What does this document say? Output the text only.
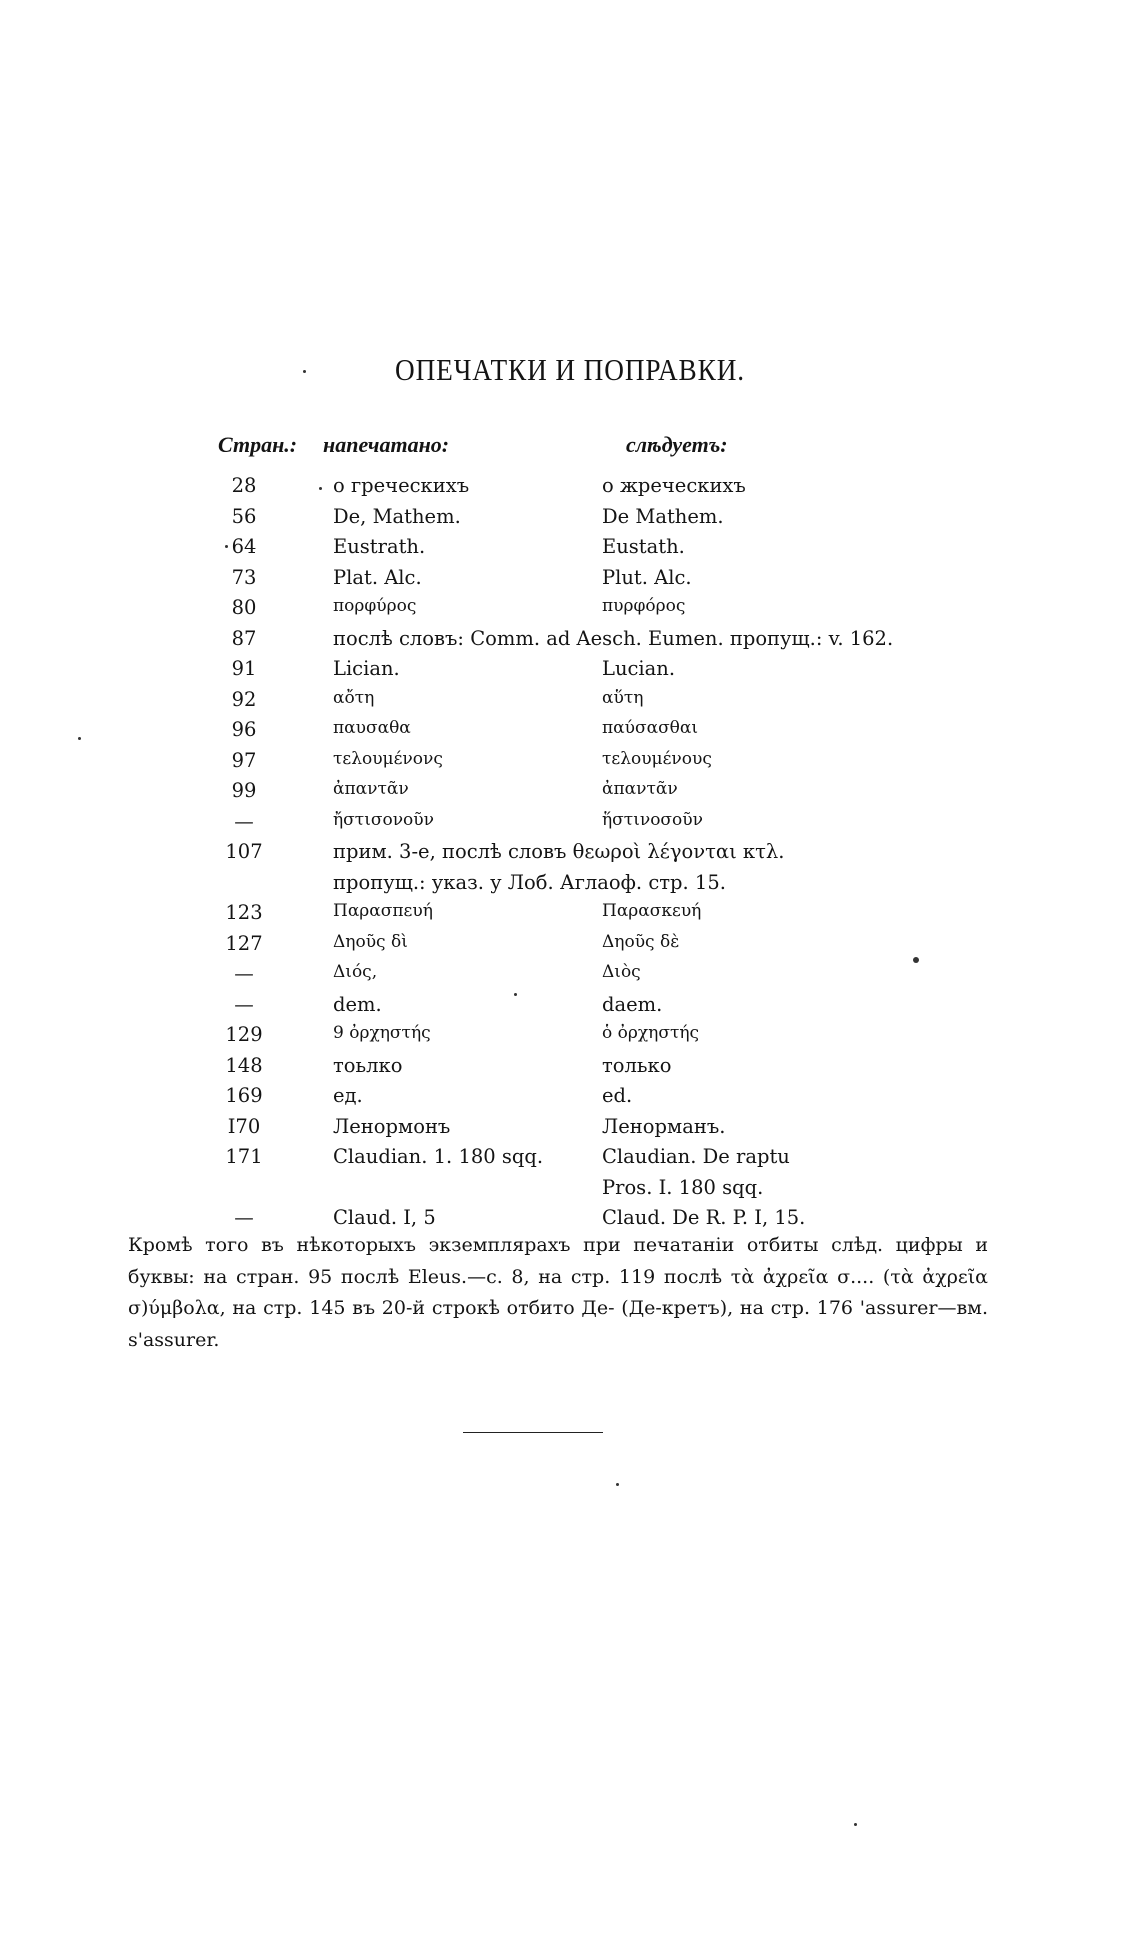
ОПЕЧАТКИ И ПОПРАВКИ.
Стран.: напечатано:	слѣдуетъ:
28	о греческихъ	о жреческихъ
56	De, Mathem.	De Mathem.
64	Eustrath.	Eustath.
73	Plat. Alc.	Plut. Alc.
80	πορφύρος	πυρφόρος
87	послѣ словъ: Comm. ad Aesch. Eumen. пропущ.: v. 162.
91	Lician.	Lucian.
92	αὄτη	αὕτη
96	παυσαθα	παύσασθαι
97	τελουμένονς	τελουμένους
99	ἀπαντᾶν	ἀπαντᾶν
—	ἤστισονοῦν	ἥστινοσοῦν
107	прим. 3-е, послѣ словъ θεωροὶ λέγονται κτλ.
пропущ.: указ. у Лоб. Аглаоф. стр. 15.
123	Παρασπευή	Παρασκευή
127	Δηοῦς δὶ	Δηοῦς δὲ
—	Διός,	Διὸς
—	dem.	daem.
129	9 ὀρχηστής	ὁ ὀρχηστής
148	тоьлко	только
169	ед.	ed.
I70	Ленормонъ	Ленорманъ.
171	Claudian. 1. 180 sqq.	Claudian. De raptu
Pros. I. 180 sqq.
—	Claud. I, 5	Claud. De R. P. I, 15.

Кромѣ того въ нѣкоторыхъ экземплярахъ при печатаніи отбиты слѣд. цифры и буквы: на стран. 95 послѣ Eleus.—c. 8, на стр. 119 послѣ τὰ ἀχρεῖα σ.... (τὰ ἀχρεῖα σ)ύμβολα, на стр. 145 въ 20-й строкѣ отбито Де- (Де-кретъ), на стр. 176 'assurer—вм. s'assurer.
